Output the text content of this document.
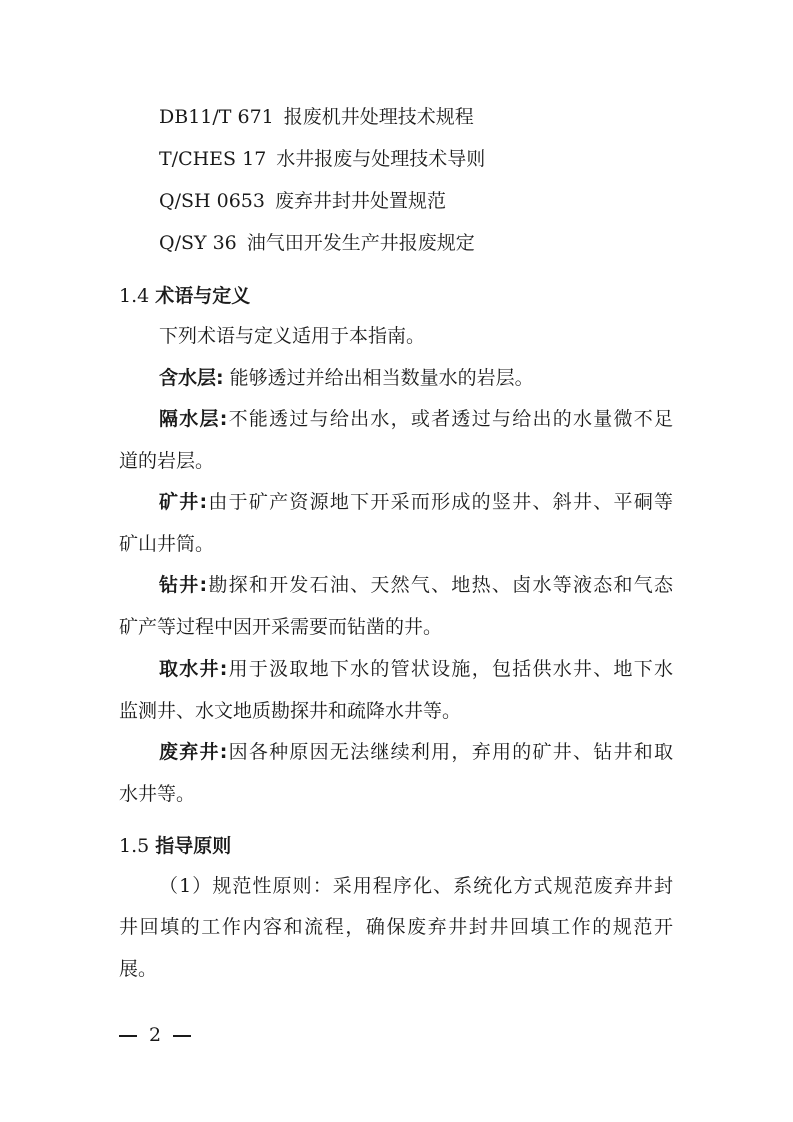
DB11/T 671 报废机井处理技术规程
T/CHES 17 水井报废与处理技术导则
Q/SH 0653 废弃井封井处置规范
Q/SY 36 油气田开发生产井报废规定
1.4 术语与定义
下列术语与定义适用于本指南。
含水层: 能够透过并给出相当数量水的岩层。
隔水层:不能透过与给出水，或者透过与给出的水量微不足
道的岩层。
矿井:由于矿产资源地下开采而形成的竖井、斜井、平硐等
矿山井筒。
钻井:勘探和开发石油、天然气、地热、卤水等液态和气态
矿产等过程中因开采需要而钻凿的井。
取水井:用于汲取地下水的管状设施，包括供水井、地下水
监测井、水文地质勘探井和疏降水井等。
废弃井:因各种原因无法继续利用，弃用的矿井、钻井和取
水井等。
1.5 指导原则
（1）规范性原则：采用程序化、系统化方式规范废弃井封
井回填的工作内容和流程，确保废弃井封井回填工作的规范开
展。
2
